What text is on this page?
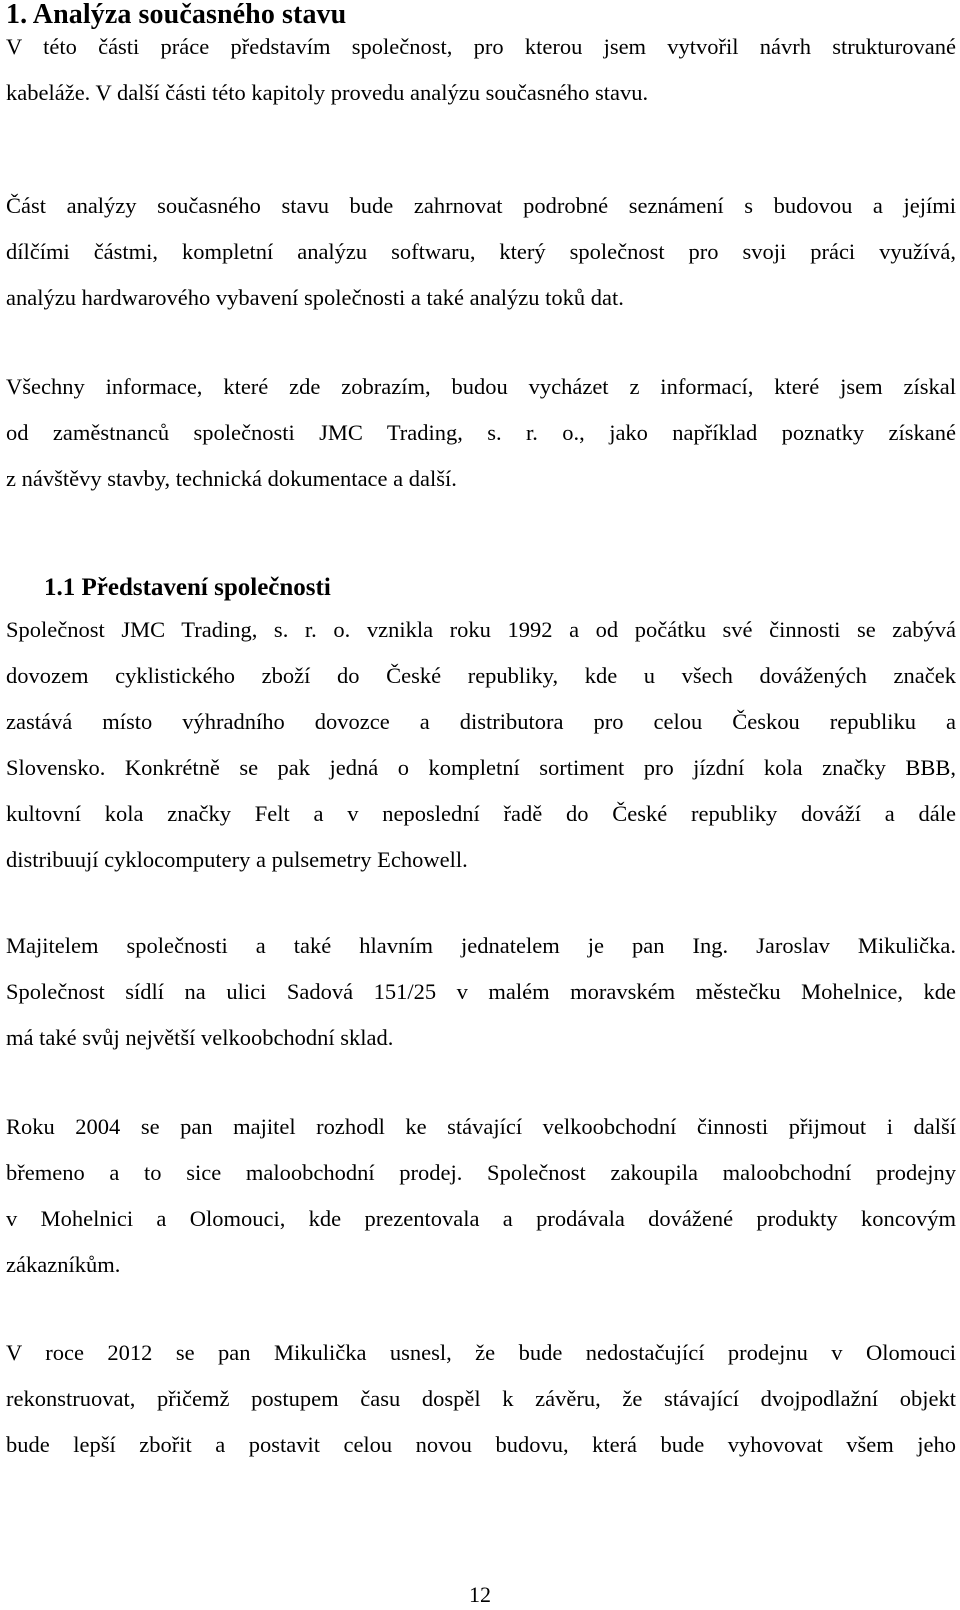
1. Analýza současného stavu

V této části práce představím společnost, pro kterou jsem vytvořil návrh strukturované
kabeláže. V další části této kapitoly provedu analýzu současného stavu.

Část analýzy současného stavu bude zahrnovat podrobné seznámení s budovou a jejími
dílčími částmi, kompletní analýzu softwaru, který společnost pro svoji práci využívá,
analýzu hardwarového vybavení společnosti a také analýzu toků dat.

Všechny informace, které zde zobrazím, budou vycházet z informací, které jsem získal
od zaměstnanců společnosti JMC Trading, s. r. o., jako například poznatky získané
z návštěvy stavby, technická dokumentace a další.

1.1 Představení společnosti

Společnost JMC Trading, s. r. o. vznikla roku 1992 a od počátku své činnosti se zabývá
dovozem cyklistického zboží do České republiky, kde u všech dovážených značek
zastává místo výhradního dovozce a distributora pro celou Českou republiku a
Slovensko. Konkrétně se pak jedná o kompletní sortiment pro jízdní kola značky BBB,
kultovní kola značky Felt a v neposlední řadě do České republiky dováží a dále
distribuují cyklocomputery a pulsemetry Echowell.

Majitelem společnosti a také hlavním jednatelem je pan Ing. Jaroslav Mikulička.
Společnost sídlí na ulici Sadová 151/25 v malém moravském městečku Mohelnice, kde
má také svůj největší velkoobchodní sklad.

Roku 2004 se pan majitel rozhodl ke stávající velkoobchodní činnosti přijmout i další
břemeno a to sice maloobchodní prodej. Společnost zakoupila maloobchodní prodejny
v Mohelnici a Olomouci, kde prezentovala a prodávala dovážené produkty koncovým
zákazníkům.

V roce 2012 se pan Mikulička usnesl, že bude nedostačující prodejnu v Olomouci
rekonstruovat, přičemž postupem času dospěl k závěru, že stávající dvojpodlažní objekt
bude lepší zbořit a postavit celou novou budovu, která bude vyhovovat všem jeho

12
